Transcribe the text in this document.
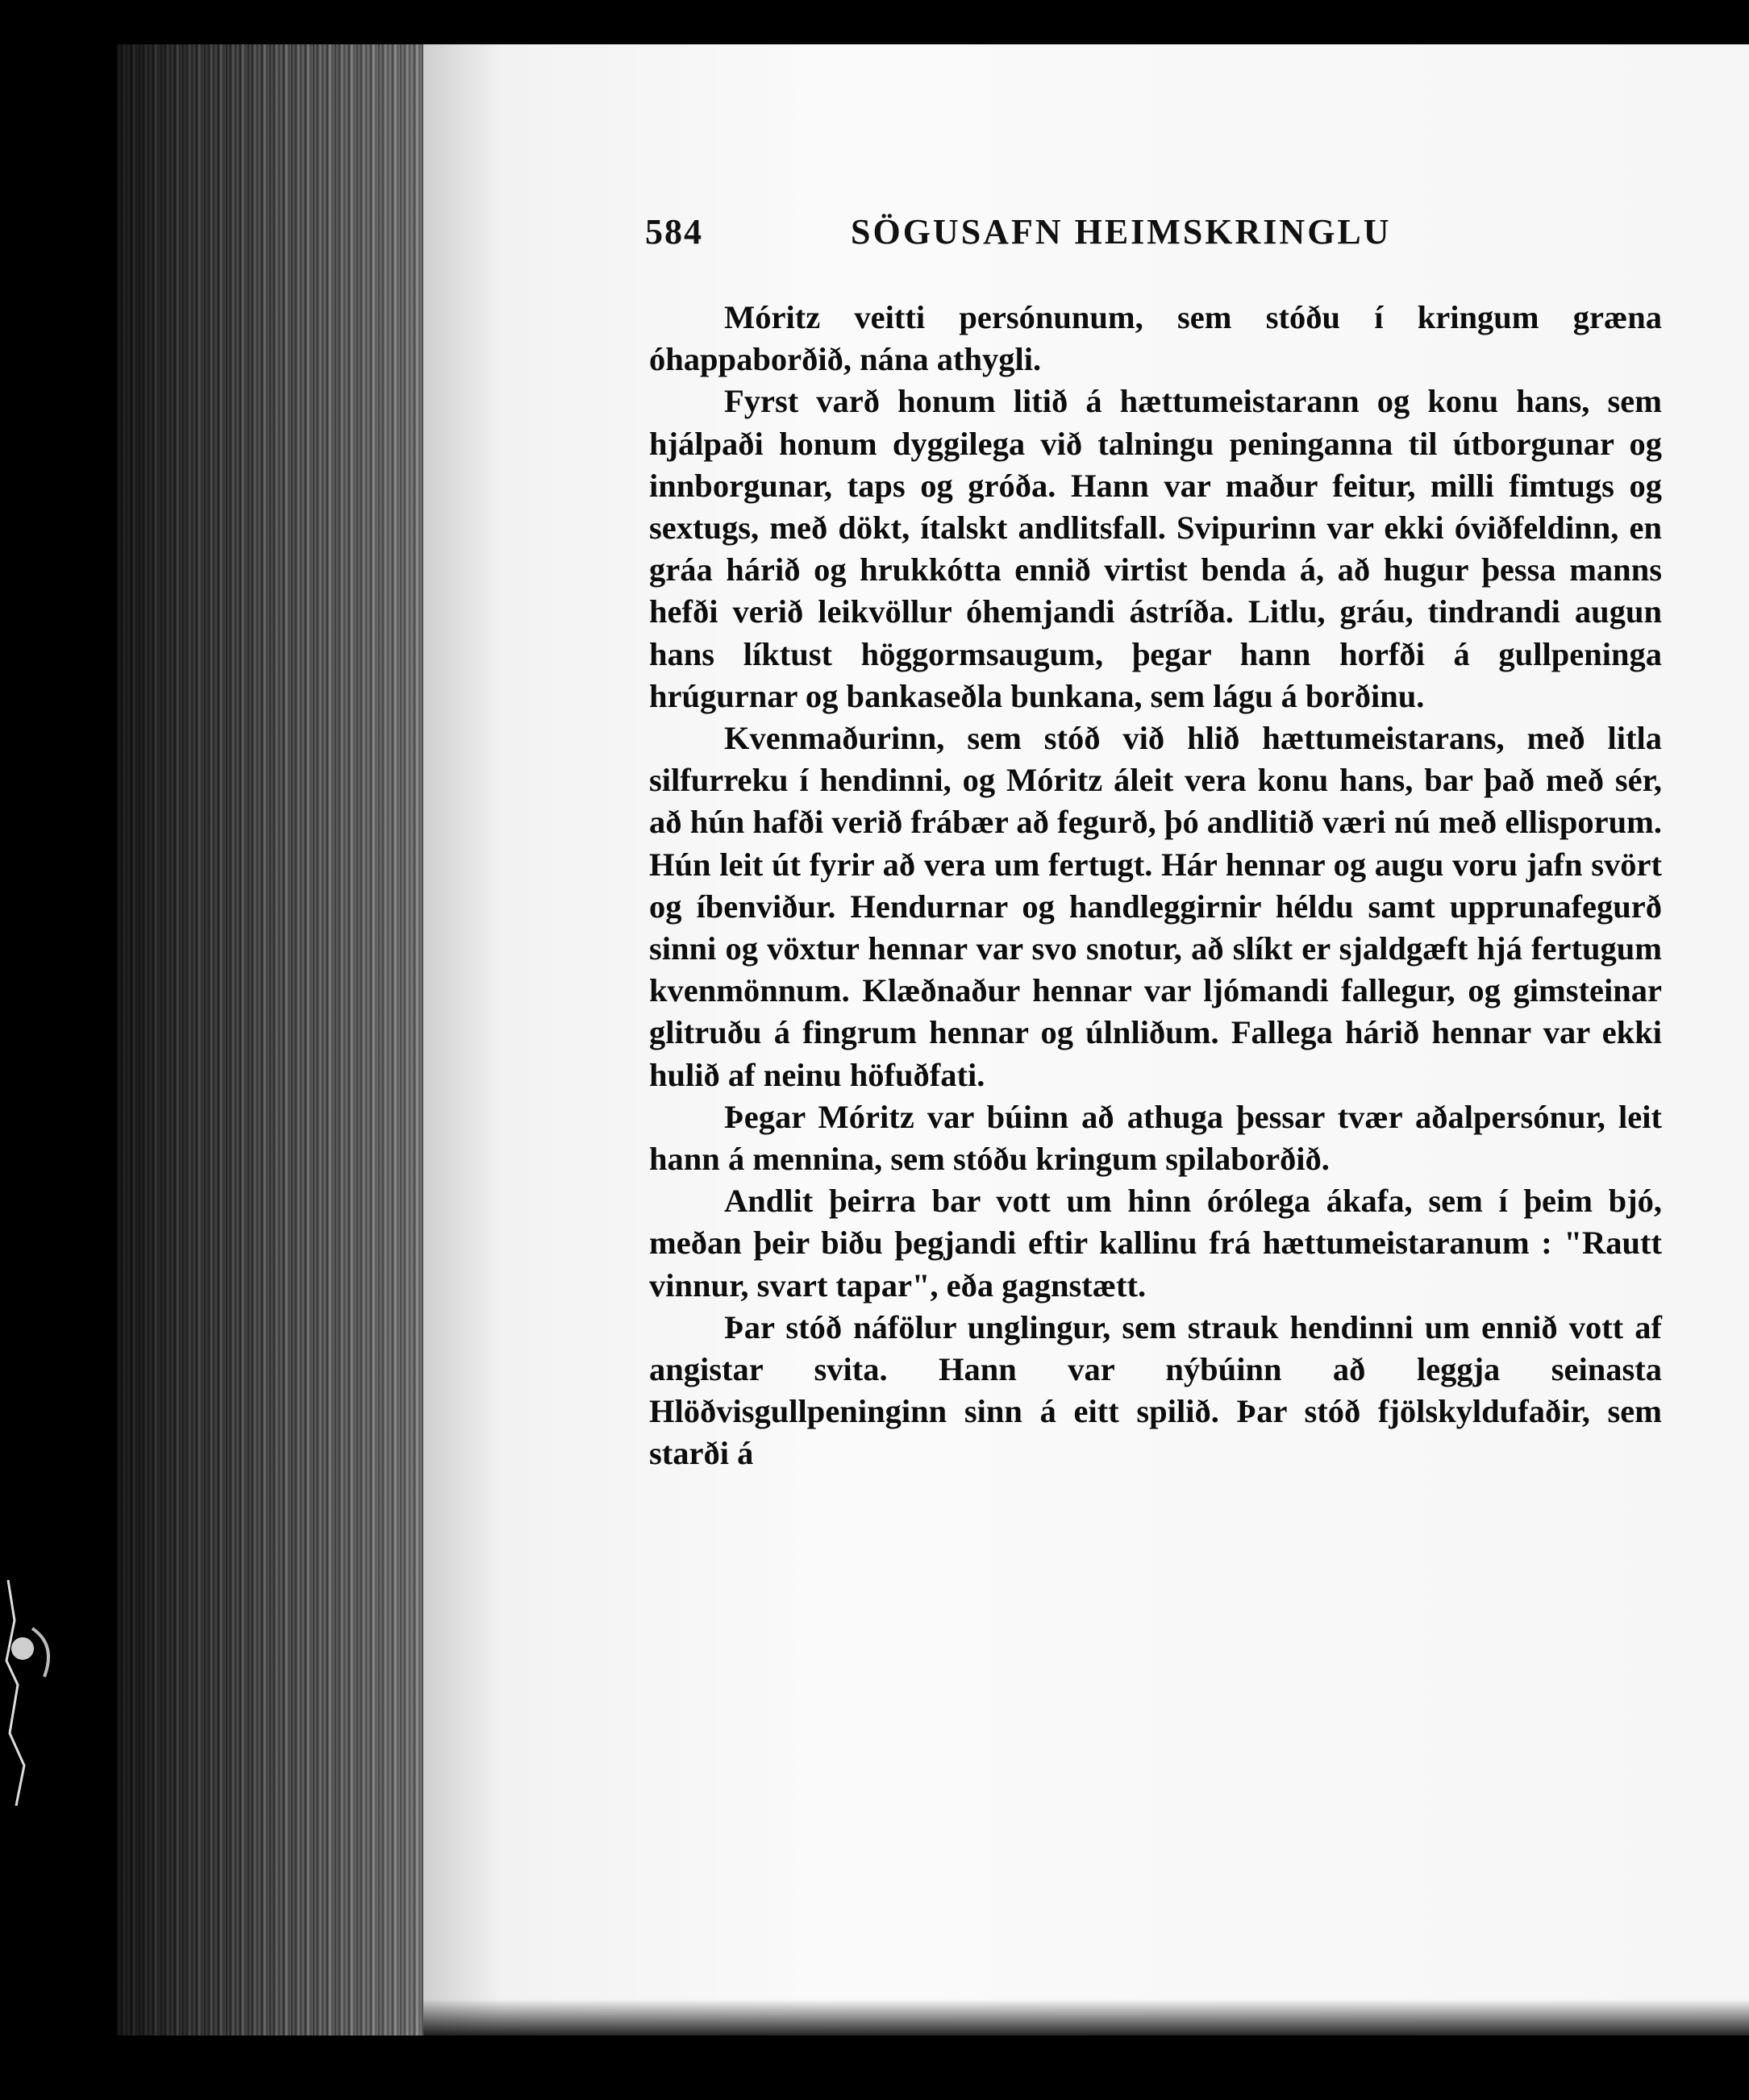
584	SÖGUSAFN HEIMSKRINGLU

Móritz veitti persónunum, sem stóðu í kringum græna óhappaborðið, nána athygli.

Fyrst varð honum litið á hættumeistarann og konu hans, sem hjálpaði honum dyggilega við talningu peninganna til útborgunar og innborgunar, taps og gróða. Hann var maður feitur, milli fimtugs og sextugs, með dökt, ítalskt andlitsfall. Svipurinn var ekki óviðfeldinn, en gráa hárið og hrukkótta ennið virtist benda á, að hugur þessa manns hefði verið leikvöllur óhemjandi ástríða. Litlu, gráu, tindrandi augun hans líktust höggormsaugum, þegar hann horfði á gullpeninga hrúgurnar og bankaseðla bunkana, sem lágu á borðinu.

Kvenmaðurinn, sem stóð við hlið hættumeistarans, með litla silfurreku í hendinni, og Móritz áleit vera konu hans, bar það með sér, að hún hafði verið frábær að fegurð, þó andlitið væri nú með ellisporum. Hún leit út fyrir að vera um fertugt. Hár hennar og augu voru jafn svört og íbenviður. Hendurnar og handleggirnir héldu samt upprunafegurð sinni og vöxtur hennar var svo snotur, að slíkt er sjaldgæft hjá fertugum kvenmönnum. Klæðnaður hennar var ljómandi fallegur, og gimsteinar glitruðu á fingrum hennar og úlnliðum. Fallega hárið hennar var ekki hulið af neinu höfuðfati.

Þegar Móritz var búinn að athuga þessar tvær aðalpersónur, leit hann á mennina, sem stóðu kringum spilaborðið.

Andlit þeirra bar vott um hinn órólega ákafa, sem í þeim bjó, meðan þeir biðu þegjandi eftir kallinu frá hættumeistaranum : "Rautt vinnur, svart tapar", eða gagnstætt.

Þar stóð náfölur unglingur, sem strauk hendinni um ennið vott af angistar svita. Hann var nýbúinn að leggja seinasta Hlöðvisgullpeninginn sinn á eitt spilið. Þar stóð fjölskyldufaðir, sem starði á
